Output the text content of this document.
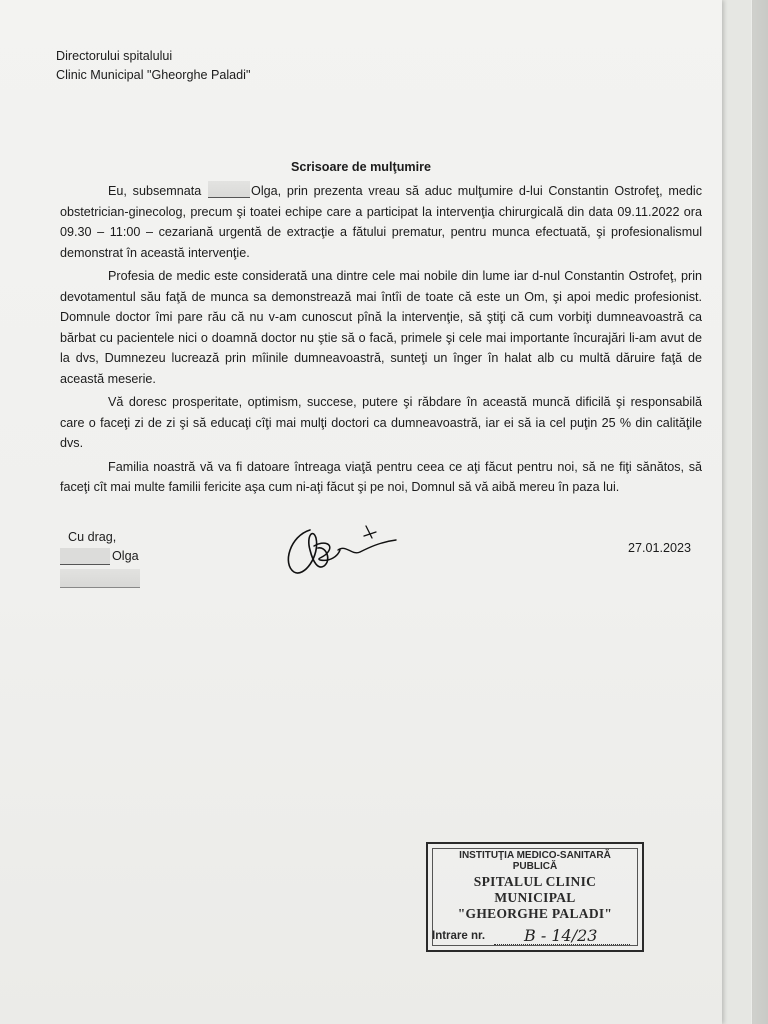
Directorului spitalului
Clinic Municipal "Gheorghe Paladi"
Scrisoare de mulţumire

Eu, subsemnata	Olga, prin prezenta vreau să aduc mulţumire d-lui Constantin Ostrofeţ, medic obstetrician-ginecolog, precum şi toatei echipe care a participat la intervenţia chirurgicală din data 09.11.2022 ora 09.30 – 11:00 – cezariană urgentă de extracţie a fătului prematur, pentru munca efectuată, şi profesionalismul demonstrat în această intervenţie.

Profesia de medic este considerată una dintre cele mai nobile din lume iar d-nul Constantin Ostrofeţ, prin devotamentul său faţă de munca sa demonstrează mai întîi de toate că este un Om, şi apoi medic profesionist. Domnule doctor îmi pare rău că nu v-am cunoscut pînă la intervenţie, să ştiţi că cum vorbiţi dumneavoastră ca bărbat cu pacientele nici o doamnă doctor nu ştie să o facă, primele şi cele mai importante încurajări li-am avut de la dvs, Dumnezeu lucrează prin mîinile dumneavoastră, sunteţi un înger în halat alb cu multă dăruire faţă de această meserie.

Vă doresc prosperitate, optimism, succese, putere şi răbdare în această muncă dificilă şi responsabilă care o faceţi zi de zi şi să educaţi cîţi mai mulţi doctori ca dumneavoastră, iar ei să ia cel puţin 25 % din calităţile dvs.

Familia noastră vă va fi datoare întreaga viaţă pentru ceea ce aţi făcut pentru noi, să ne fiţi sănătos, să faceţi cît mai multe familii fericite aşa cum ni-aţi făcut şi pe noi, Domnul să vă aibă mereu în paza lui.

Cu drag,
Olga
27.01.2023
INSTITUŢIA MEDICO-SANITARĂ
PUBLICĂ
SPITALUL CLINIC
MUNICIPAL
"GHEORGHE PALADI"
Intrare nr. B - 14/23
